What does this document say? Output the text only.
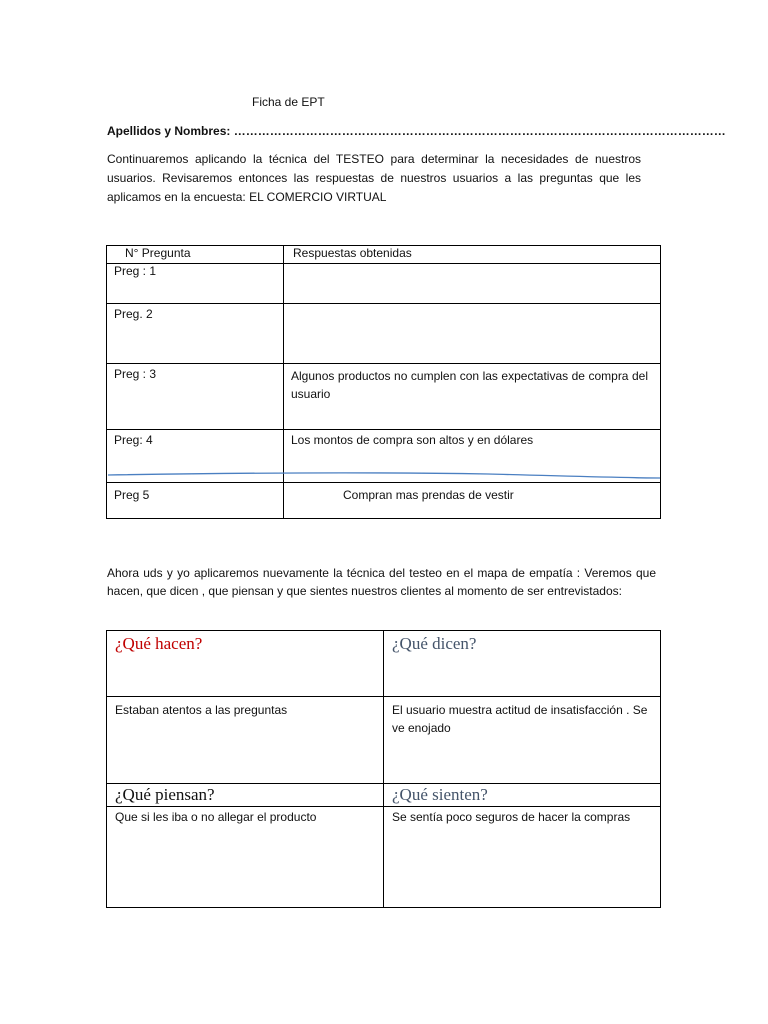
Ficha de EPT
Apellidos y Nombres: ……………………………………………………………………………………………………………
Continuaremos aplicando la técnica del TESTEO para determinar la necesidades de nuestros usuarios. Revisaremos entonces las respuestas de nuestros usuarios a las preguntas que les aplicamos en la encuesta: EL COMERCIO VIRTUAL
N° Pregunta	Respuestas obtenidas
Preg : 1	
Preg. 2	
Preg : 3	Algunos productos no cumplen con las expectativas de compra del usuario
Preg: 4	Los montos de compra son altos y en dólares
Preg 5	Compran mas prendas de vestir
Ahora uds y yo aplicaremos nuevamente la técnica del testeo en el mapa de empatía : Veremos que hacen, que dicen , que piensan y que sientes nuestros clientes al momento de ser entrevistados:
¿Qué hacen?	¿Qué dicen?

Estaban atentos a las preguntas	El usuario muestra actitud de insatisfacción . Se ve enojado

¿Qué piensan?	¿Qué sienten?

Que si les iba o no allegar el producto	Se sentía poco seguros de hacer la compras
